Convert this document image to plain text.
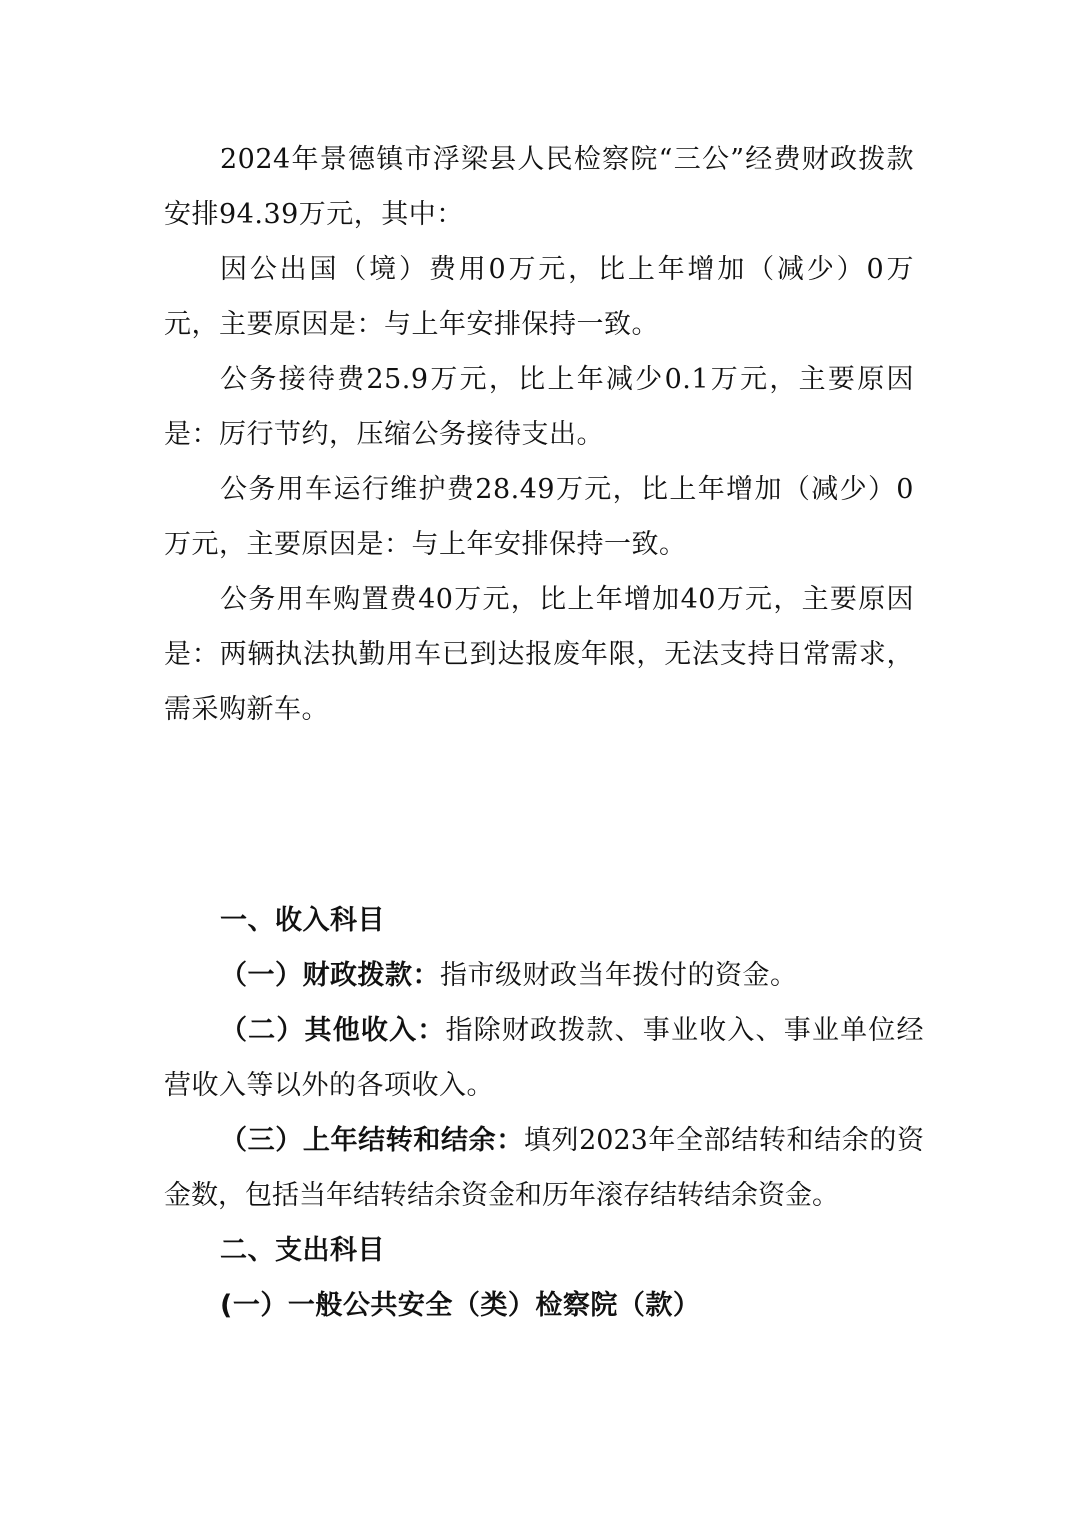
2024年景德镇市浮梁县人民检察院“三公”经费财政拨款安排94.39万元，其中：

因公出国（境）费用0万元，比上年增加（减少）0万元，主要原因是：与上年安排保持一致。

公务接待费25.9万元，比上年减少0.1万元，主要原因是：厉行节约，压缩公务接待支出。

公务用车运行维护费28.49万元，比上年增加（减少）0万元，主要原因是：与上年安排保持一致。

公务用车购置费40万元，比上年增加40万元，主要原因是：两辆执法执勤用车已到达报废年限，无法支持日常需求，需采购新车。

一、收入科目

（一）财政拨款：指市级财政当年拨付的资金。

（二）其他收入：指除财政拨款、事业收入、事业单位经营收入等以外的各项收入。

（三）上年结转和结余：填列2023年全部结转和结余的资金数，包括当年结转结余资金和历年滚存结转结余资金。

二、支出科目

(一）一般公共安全（类）检察院（款）
